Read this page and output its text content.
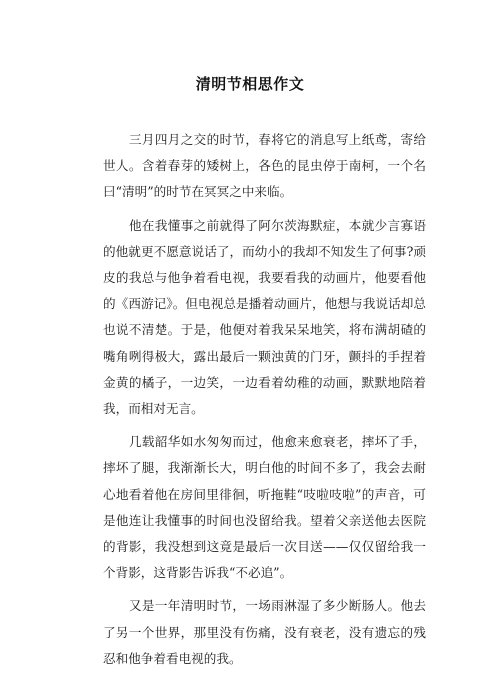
清明节相思作文

三月四月之交的时节，春将它的消息写上纸鸢，寄给世人。含着春芽的矮树上，各色的昆虫停于南柯，一个名曰“清明”的时节在冥冥之中来临。

他在我懂事之前就得了阿尔茨海默症，本就少言寡语的他就更不愿意说话了，而幼小的我却不知发生了何事?顽皮的我总与他争着看电视，我要看我的动画片，他要看他的《西游记》。但电视总是播着动画片，他想与我说话却总也说不清楚。于是，他便对着我呆呆地笑，将布满胡碴的嘴角咧得极大，露出最后一颗浊黄的门牙，颤抖的手捏着金黄的橘子，一边笑，一边看着幼稚的动画，默默地陪着我，而相对无言。

几载韶华如水匆匆而过，他愈来愈衰老，摔坏了手，摔坏了腿，我渐渐长大，明白他的时间不多了，我会去耐心地看着他在房间里徘徊，听拖鞋“吱啦吱啦”的声音，可是他连让我懂事的时间也没留给我。望着父亲送他去医院的背影，我没想到这竟是最后一次目送——仅仅留给我一个背影，这背影告诉我“不必追”。

又是一年清明时节，一场雨淋湿了多少断肠人。他去了另一个世界，那里没有伤痛，没有衰老，没有遗忘的残忍和他争着看电视的我。
